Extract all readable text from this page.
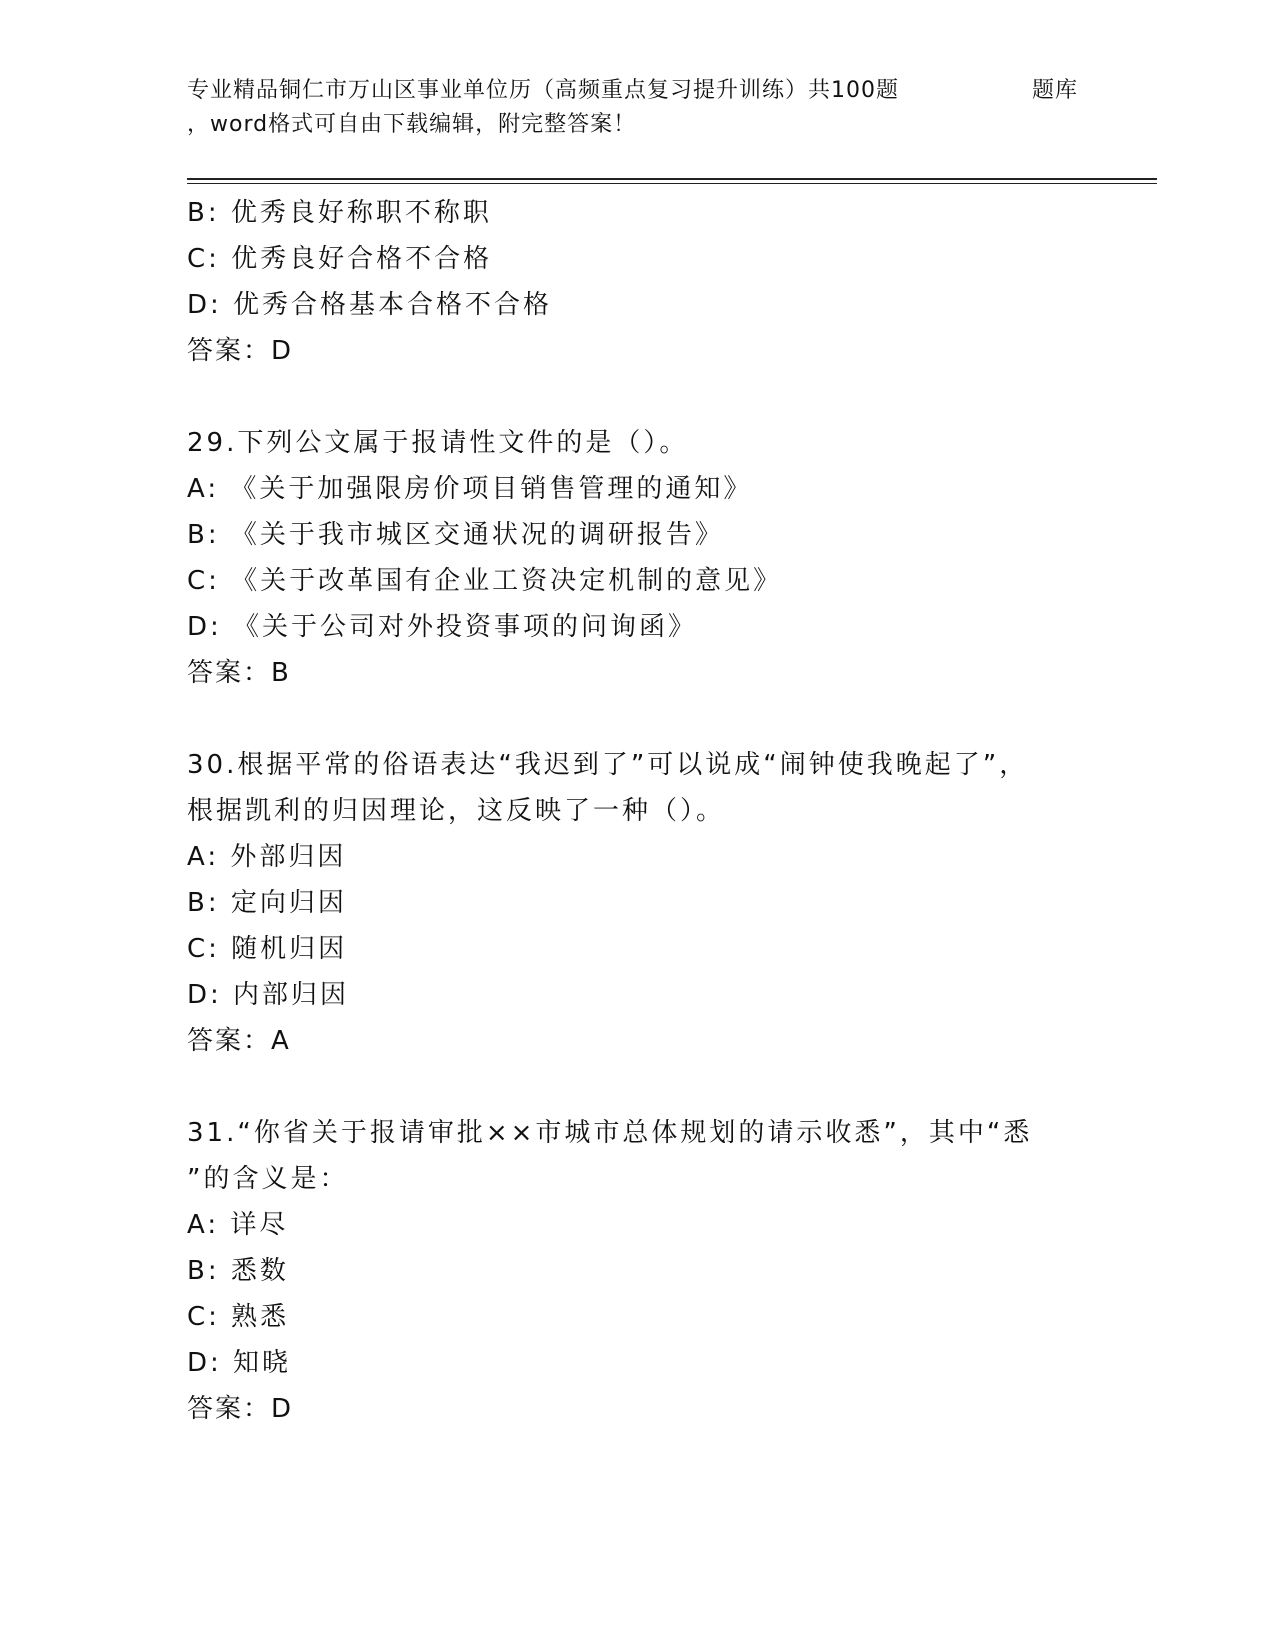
专业精品铜仁市万山区事业单位历（高频重点复习提升训练）共100题	题库
，word格式可自由下载编辑，附完整答案！
B: 优秀良好称职不称职
C: 优秀良好合格不合格
D: 优秀合格基本合格不合格
答案：D
29.下列公文属于报请性文件的是（）。
A: 《关于加强限房价项目销售管理的通知》
B: 《关于我市城区交通状况的调研报告》
C: 《关于改革国有企业工资决定机制的意见》
D: 《关于公司对外投资事项的问询函》
答案：B
30.根据平常的俗语表达“我迟到了”可以说成“闹钟使我晚起了”，
根据凯利的归因理论，这反映了一种（）。
A: 外部归因
B: 定向归因
C: 随机归因
D: 内部归因
答案：A
31.“你省关于报请审批××市城市总体规划的请示收悉”，其中“悉
”的含义是：
A: 详尽
B: 悉数
C: 熟悉
D: 知晓
答案：D
